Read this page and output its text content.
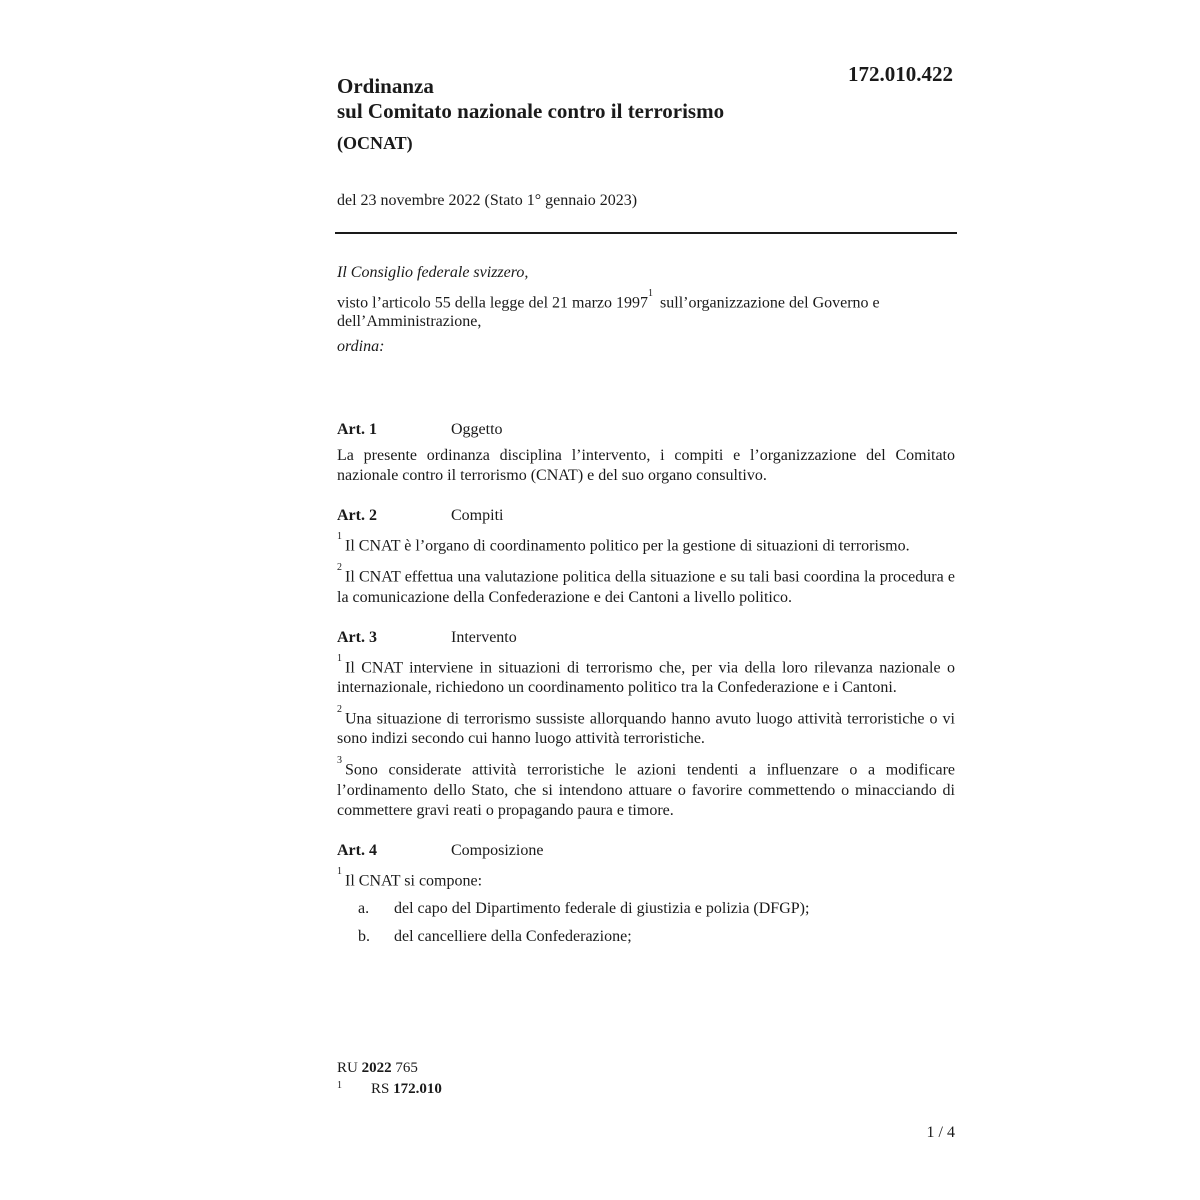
172.010.422
Ordinanza
sul Comitato nazionale contro il terrorismo
(OCNAT)
del 23 novembre 2022 (Stato 1° gennaio 2023)

Il Consiglio federale svizzero,

visto l’articolo 55 della legge del 21 marzo 1997$^1$ sull’organizzazione del Governo e dell’Amministrazione,

ordina:

Art. 1	Oggetto

La presente ordinanza disciplina l’intervento, i compiti e l’organizzazione del Comitato nazionale contro il terrorismo (CNAT) e del suo organo consultivo.

Art. 2	Compiti

$^1$Il CNAT è l’organo di coordinamento politico per la gestione di situazioni di terrorismo.

$^2$Il CNAT effettua una valutazione politica della situazione e su tali basi coordina la procedura e la comunicazione della Confederazione e dei Cantoni a livello politico.

Art. 3	Intervento

$^1$Il CNAT interviene in situazioni di terrorismo che, per via della loro rilevanza nazionale o internazionale, richiedono un coordinamento politico tra la Confederazione e i Cantoni.

$^2$Una situazione di terrorismo sussiste allorquando hanno avuto luogo attività terroristiche o vi sono indizi secondo cui hanno luogo attività terroristiche.

$^3$Sono considerate attività terroristiche le azioni tendenti a influenzare o a modificare l’ordinamento dello Stato, che si intendono attuare o favorire commettendo o minacciando di commettere gravi reati o propagando paura e timore.

Art. 4	Composizione

$^1$Il CNAT si compone:

a.	del capo del Dipartimento federale di giustizia e polizia (DFGP);
b.	del cancelliere della Confederazione;
RU 2022 765
1	RS 172.010
1 / 4
